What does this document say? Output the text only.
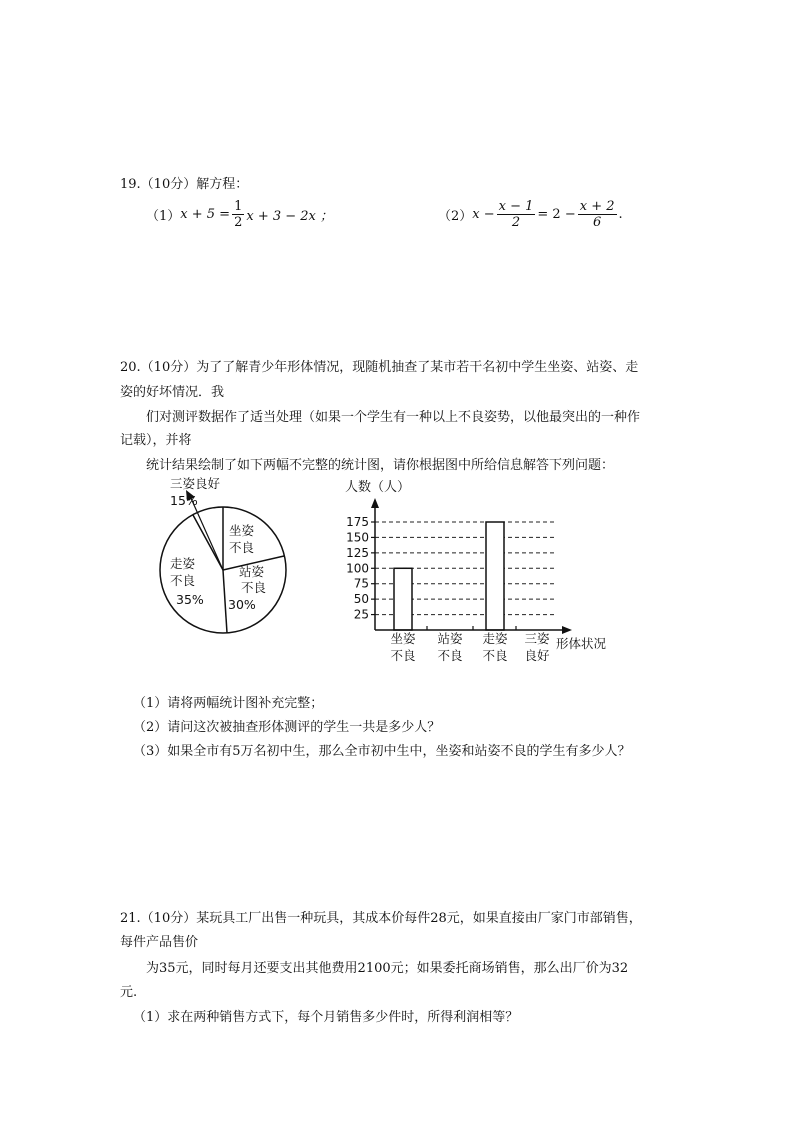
19.（10分）解方程：
（1） $x + 5 = \frac{1}{2}$ x + 3 − 2x ；	（2） $x - \frac{x - 1}{2} = 2 - \frac{x + 2}{6}$ .
20.（10分）为了了解青少年形体情况，现随机抽查了某市若干名初中学生坐姿、站姿、走
姿的好坏情况．我
们对测评数据作了适当处理（如果一个学生有一种以上不良姿势，以他最突出的一种作
记载），并将
统计结果绘制了如下两幅不完整的统计图，请你根据图中所给信息解答下列问题：
三姿良好
15%
坐姿
不良
站姿
不良
30%
走姿
不良
35%
25
50
75
100
125
150
175
人数（人）
形体状况
坐姿
不良
站姿
不良
走姿
不良
三姿
良好
（1）请将两幅统计图补充完整；
（2）请问这次被抽查形体测评的学生一共是多少人？
（3）如果全市有5万名初中生，那么全市初中生中，坐姿和站姿不良的学生有多少人？
21.（10分）某玩具工厂出售一种玩具，其成本价每件28元，如果直接由厂家门市部销售，
每件产品售价
为35元，同时每月还要支出其他费用2100元；如果委托商场销售，那么出厂价为32
元.
（1）求在两种销售方式下，每个月销售多少件时，所得利润相等？
